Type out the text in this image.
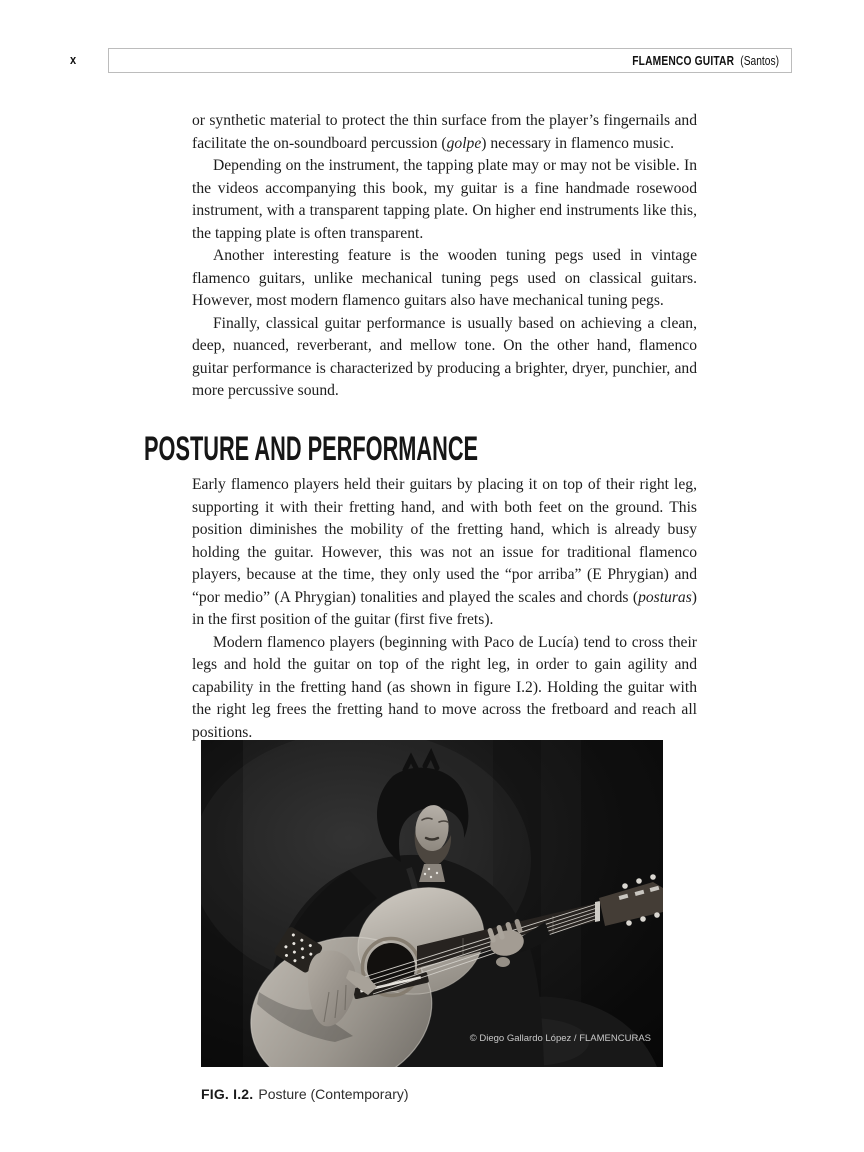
x	FLAMENCO GUITAR (Santos)

or synthetic material to protect the thin surface from the player’s fingernails and facilitate the on-soundboard percussion (golpe) necessary in flamenco music.

Depending on the instrument, the tapping plate may or may not be visible. In the videos accompanying this book, my guitar is a fine handmade rosewood instrument, with a transparent tapping plate. On higher end instruments like this, the tapping plate is often transparent.

Another interesting feature is the wooden tuning pegs used in vintage flamenco guitars, unlike mechanical tuning pegs used on classical guitars. However, most modern flamenco guitars also have mechanical tuning pegs.

Finally, classical guitar performance is usually based on achieving a clean, deep, nuanced, reverberant, and mellow tone. On the other hand, flamenco guitar performance is characterized by producing a brighter, dryer, punchier, and more percussive sound.

POSTURE AND PERFORMANCE

Early flamenco players held their guitars by placing it on top of their right leg, supporting it with their fretting hand, and with both feet on the ground. This position diminishes the mobility of the fretting hand, which is already busy holding the guitar. However, this was not an issue for traditional flamenco players, because at the time, they only used the “por arriba” (E Phrygian) and “por medio” (A Phrygian) tonalities and played the scales and chords (posturas) in the first position of the guitar (first five frets).

Modern flamenco players (beginning with Paco de Lucía) tend to cross their legs and hold the guitar on top of the right leg, in order to gain agility and capability in the fretting hand (as shown in figure I.2). Holding the guitar with the right leg frees the fretting hand to move across the fretboard and reach all positions.

© Diego Gallardo López / FLAMENCURAS
FIG. I.2. Posture (Contemporary)
